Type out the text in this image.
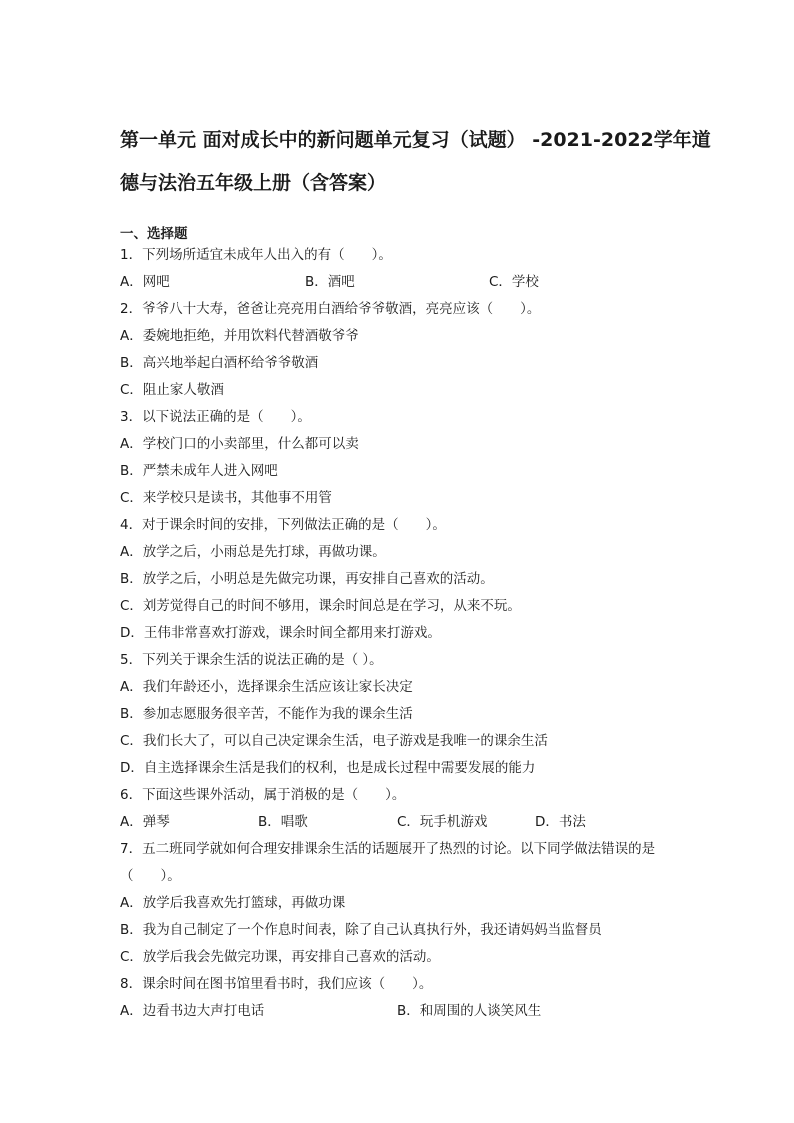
第一单元 面对成长中的新问题单元复习（试题） -2021-2022学年道
德与法治五年级上册（含答案）
一、选择题
1．下列场所适宜未成年人出入的有（　　）。
A．网吧	B．酒吧	C．学校
2．爷爷八十大寿，爸爸让亮亮用白酒给爷爷敬酒，亮亮应该（　　）。
A．委婉地拒绝，并用饮料代替酒敬爷爷
B．高兴地举起白酒杯给爷爷敬酒
C．阻止家人敬酒
3．以下说法正确的是（　　）。
A．学校门口的小卖部里，什么都可以卖
B．严禁未成年人进入网吧
C．来学校只是读书，其他事不用管
4．对于课余时间的安排，下列做法正确的是（　　）。
A．放学之后，小雨总是先打球，再做功课。
B．放学之后，小明总是先做完功课，再安排自己喜欢的活动。
C．刘芳觉得自己的时间不够用，课余时间总是在学习，从来不玩。
D．王伟非常喜欢打游戏，课余时间全都用来打游戏。
5．下列关于课余生活的说法正确的是（ ）。
A．我们年龄还小，选择课余生活应该让家长决定
B．参加志愿服务很辛苦，不能作为我的课余生活
C．我们长大了，可以自己决定课余生活，电子游戏是我唯一的课余生活
D．自主选择课余生活是我们的权利，也是成长过程中需要发展的能力
6．下面这些课外活动，属于消极的是（　　）。
A．弹琴	B．唱歌	C．玩手机游戏	D．书法
7．五二班同学就如何合理安排课余生活的话题展开了热烈的讨论。以下同学做法错误的是（　　）。
A．放学后我喜欢先打篮球，再做功课
B．我为自己制定了一个作息时间表，除了自己认真执行外，我还请妈妈当监督员
C．放学后我会先做完功课，再安排自己喜欢的活动。
8．课余时间在图书馆里看书时，我们应该（　　）。
A．边看书边大声打电话	B．和周围的人谈笑风生
